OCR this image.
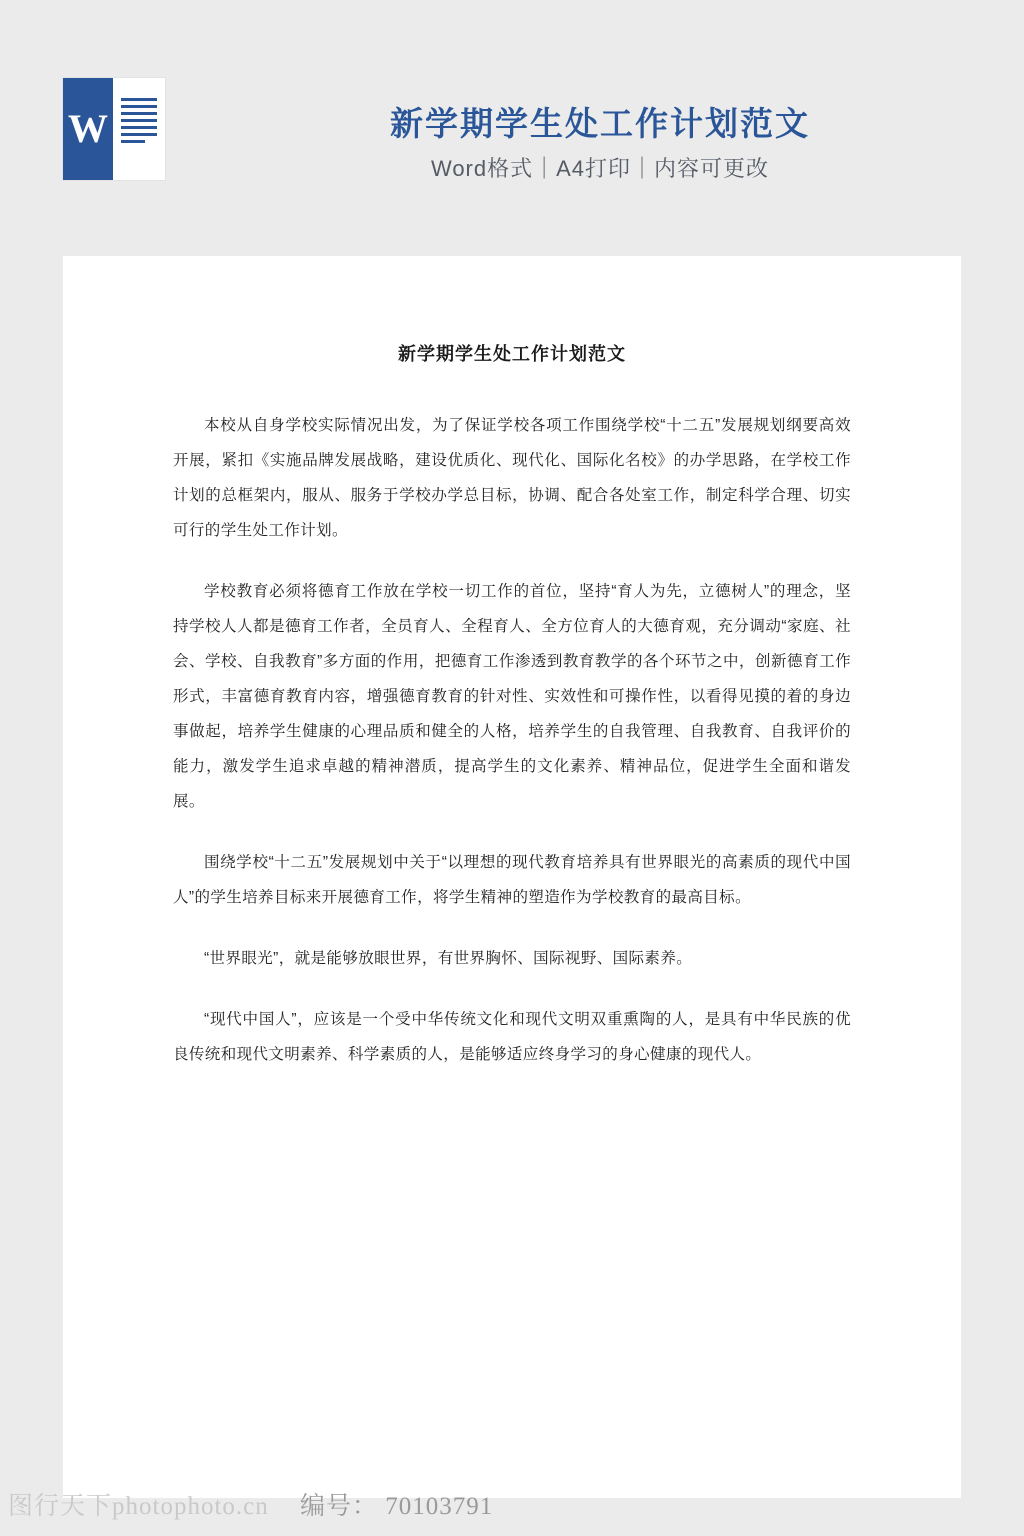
W	新学期学生处工作计划范文
Word格式｜A4打印｜内容可更改
新学期学生处工作计划范文

本校从自身学校实际情况出发，为了保证学校各项工作围绕学校“十二五”发展规划纲要高效开展，紧扣《实施品牌发展战略，建设优质化、现代化、国际化名校》的办学思路，在学校工作计划的总框架内，服从、服务于学校办学总目标，协调、配合各处室工作，制定科学合理、切实可行的学生处工作计划。

学校教育必须将德育工作放在学校一切工作的首位，坚持“育人为先，立德树人”的理念，坚持学校人人都是德育工作者，全员育人、全程育人、全方位育人的大德育观，充分调动“家庭、社会、学校、自我教育”多方面的作用，把德育工作渗透到教育教学的各个环节之中，创新德育工作形式，丰富德育教育内容，增强德育教育的针对性、实效性和可操作性，以看得见摸的着的身边事做起，培养学生健康的心理品质和健全的人格，培养学生的自我管理、自我教育、自我评价的能力，激发学生追求卓越的精神潜质，提高学生的文化素养、精神品位，促进学生全面和谐发展。

围绕学校“十二五”发展规划中关于“以理想的现代教育培养具有世界眼光的高素质的现代中国人”的学生培养目标来开展德育工作，将学生精神的塑造作为学校教育的最高目标。

“世界眼光”，就是能够放眼世界，有世界胸怀、国际视野、国际素养。

“现代中国人”，应该是一个受中华传统文化和现代文明双重熏陶的人，是具有中华民族的优良传统和现代文明素养、科学素质的人，是能够适应终身学习的身心健康的现代人。

图行天下photophoto.cn 编号： 70103791
